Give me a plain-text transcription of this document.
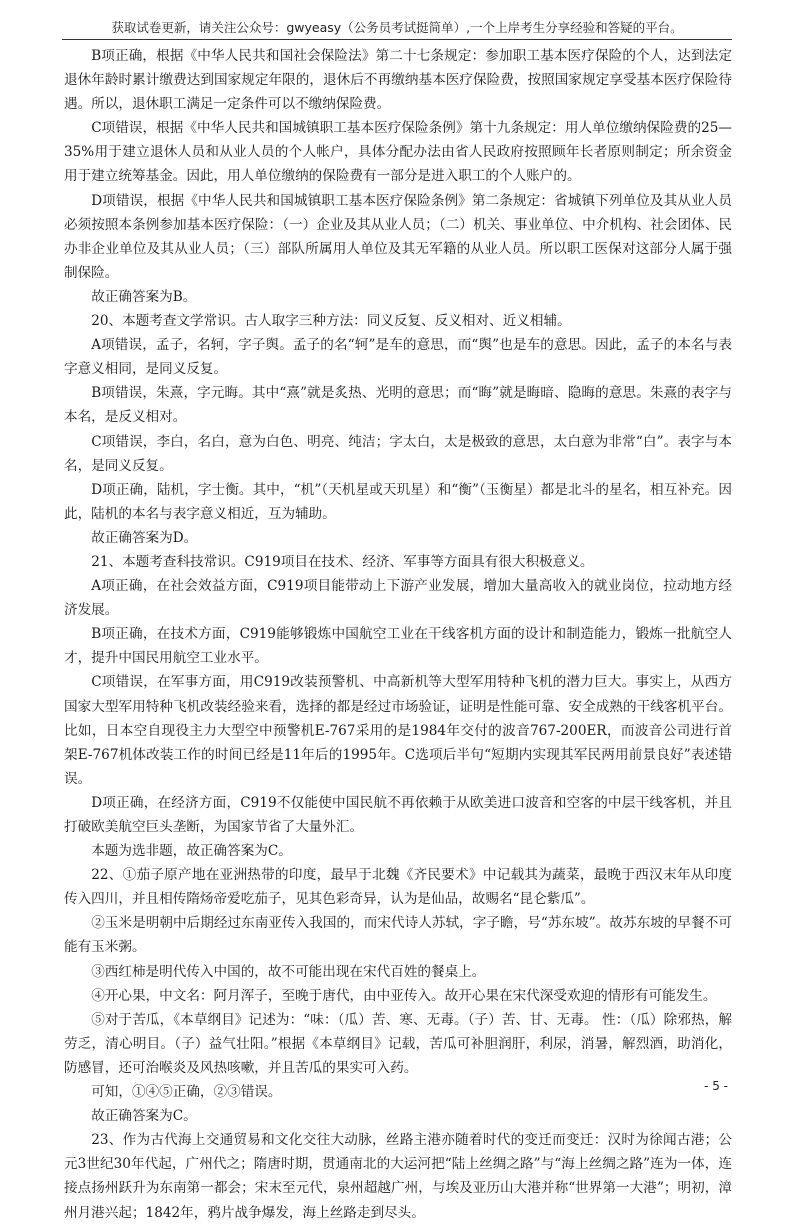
获取试卷更新，请关注公众号：gwyeasy（公务员考试挺简单）,一个上岸考生分享经验和答疑的平台。

B项正确，根据《中华人民共和国社会保险法》第二十七条规定：参加职工基本医疗保险的个人，达到法定退休年龄时累计缴费达到国家规定年限的，退休后不再缴纳基本医疗保险费，按照国家规定享受基本医疗保险待遇。所以，退休职工满足一定条件可以不缴纳保险费。

C项错误，根据《中华人民共和国城镇职工基本医疗保险条例》第十九条规定：用人单位缴纳保险费的25—35%用于建立退休人员和从业人员的个人帐户，具体分配办法由省人民政府按照顾年长者原则制定；所余资金用于建立统筹基金。因此，用人单位缴纳的保险费有一部分是进入职工的个人账户的。

D项错误，根据《中华人民共和国城镇职工基本医疗保险条例》第二条规定：省城镇下列单位及其从业人员必须按照本条例参加基本医疗保险：（一）企业及其从业人员；（二）机关、事业单位、中介机构、社会团体、民办非企业单位及其从业人员；（三）部队所属用人单位及其无军籍的从业人员。所以职工医保对这部分人属于强制保险。

故正确答案为B。

20、本题考查文学常识。古人取字三种方法：同义反复、反义相对、近义相辅。

A项错误，孟子，名轲，字子舆。孟子的名“轲”是车的意思，而“舆”也是车的意思。因此，孟子的本名与表字意义相同，是同义反复。

B项错误，朱熹，字元晦。其中“熹”就是炙热、光明的意思；而“晦”就是晦暗、隐晦的意思。朱熹的表字与本名，是反义相对。

C项错误，李白，名白，意为白色、明亮、纯洁；字太白，太是极致的意思，太白意为非常“白”。表字与本名，是同义反复。

D项正确，陆机，字士衡。其中，“机”（天机星或天玑星）和“衡”（玉衡星）都是北斗的星名，相互补充。因此，陆机的本名与表字意义相近，互为辅助。

故正确答案为D。

21、本题考查科技常识。C919项目在技术、经济、军事等方面具有很大积极意义。

A项正确，在社会效益方面，C919项目能带动上下游产业发展，增加大量高收入的就业岗位，拉动地方经济发展。

B项正确，在技术方面，C919能够锻炼中国航空工业在干线客机方面的设计和制造能力，锻炼一批航空人才，提升中国民用航空工业水平。

C项错误，在军事方面，用C919改装预警机、中高新机等大型军用特种飞机的潜力巨大。事实上，从西方国家大型军用特种飞机改装经验来看，选择的都是经过市场验证，证明是性能可靠、安全成熟的干线客机平台。比如，日本空自现役主力大型空中预警机E-767采用的是1984年交付的波音767-200ER，而波音公司进行首架E-767机体改装工作的时间已经是11年后的1995年。C选项后半句“短期内实现其军民两用前景良好”表述错误。

D项正确，在经济方面，C919不仅能使中国民航不再依赖于从欧美进口波音和空客的中层干线客机，并且打破欧美航空巨头垄断，为国家节省了大量外汇。

本题为选非题，故正确答案为C。

22、①茄子原产地在亚洲热带的印度，最早于北魏《齐民要术》中记载其为蔬菜，最晚于西汉末年从印度传入四川，并且相传隋炀帝爱吃茄子，见其色彩奇异，认为是仙品，故赐名“昆仑紫瓜”。

②玉米是明朝中后期经过东南亚传入我国的，而宋代诗人苏轼，字子瞻，号“苏东坡”。故苏东坡的早餐不可能有玉米粥。

③西红柿是明代传入中国的，故不可能出现在宋代百姓的餐桌上。

④开心果，中文名：阿月浑子，至晚于唐代，由中亚传入。故开心果在宋代深受欢迎的情形有可能发生。

⑤对于苦瓜，《本草纲目》记述为：“味：（瓜）苦、寒、无毒。（子）苦、甘、无毒。 性：（瓜）除邪热，解劳乏，清心明目。（子）益气壮阳。”根据《本草纲目》记载，苦瓜可补胆润肝，利尿，消暑，解烈酒，助消化，防感冒，还可治喉炎及风热咳嗽，并且苦瓜的果实可入药。

可知，①④⑤正确，②③错误。

故正确答案为C。

23、作为古代海上交通贸易和文化交往大动脉，丝路主港亦随着时代的变迁而变迁：汉时为徐闻古港；公元3世纪30年代起，广州代之；隋唐时期，贯通南北的大运河把“陆上丝绸之路”与“海上丝绸之路”连为一体，连接点扬州跃升为东南第一都会；宋末至元代，泉州超越广州，与埃及亚历山大港并称“世界第一大港”；明初，漳州月港兴起；1842年，鸦片战争爆发，海上丝路走到尽头。

- 5 -
